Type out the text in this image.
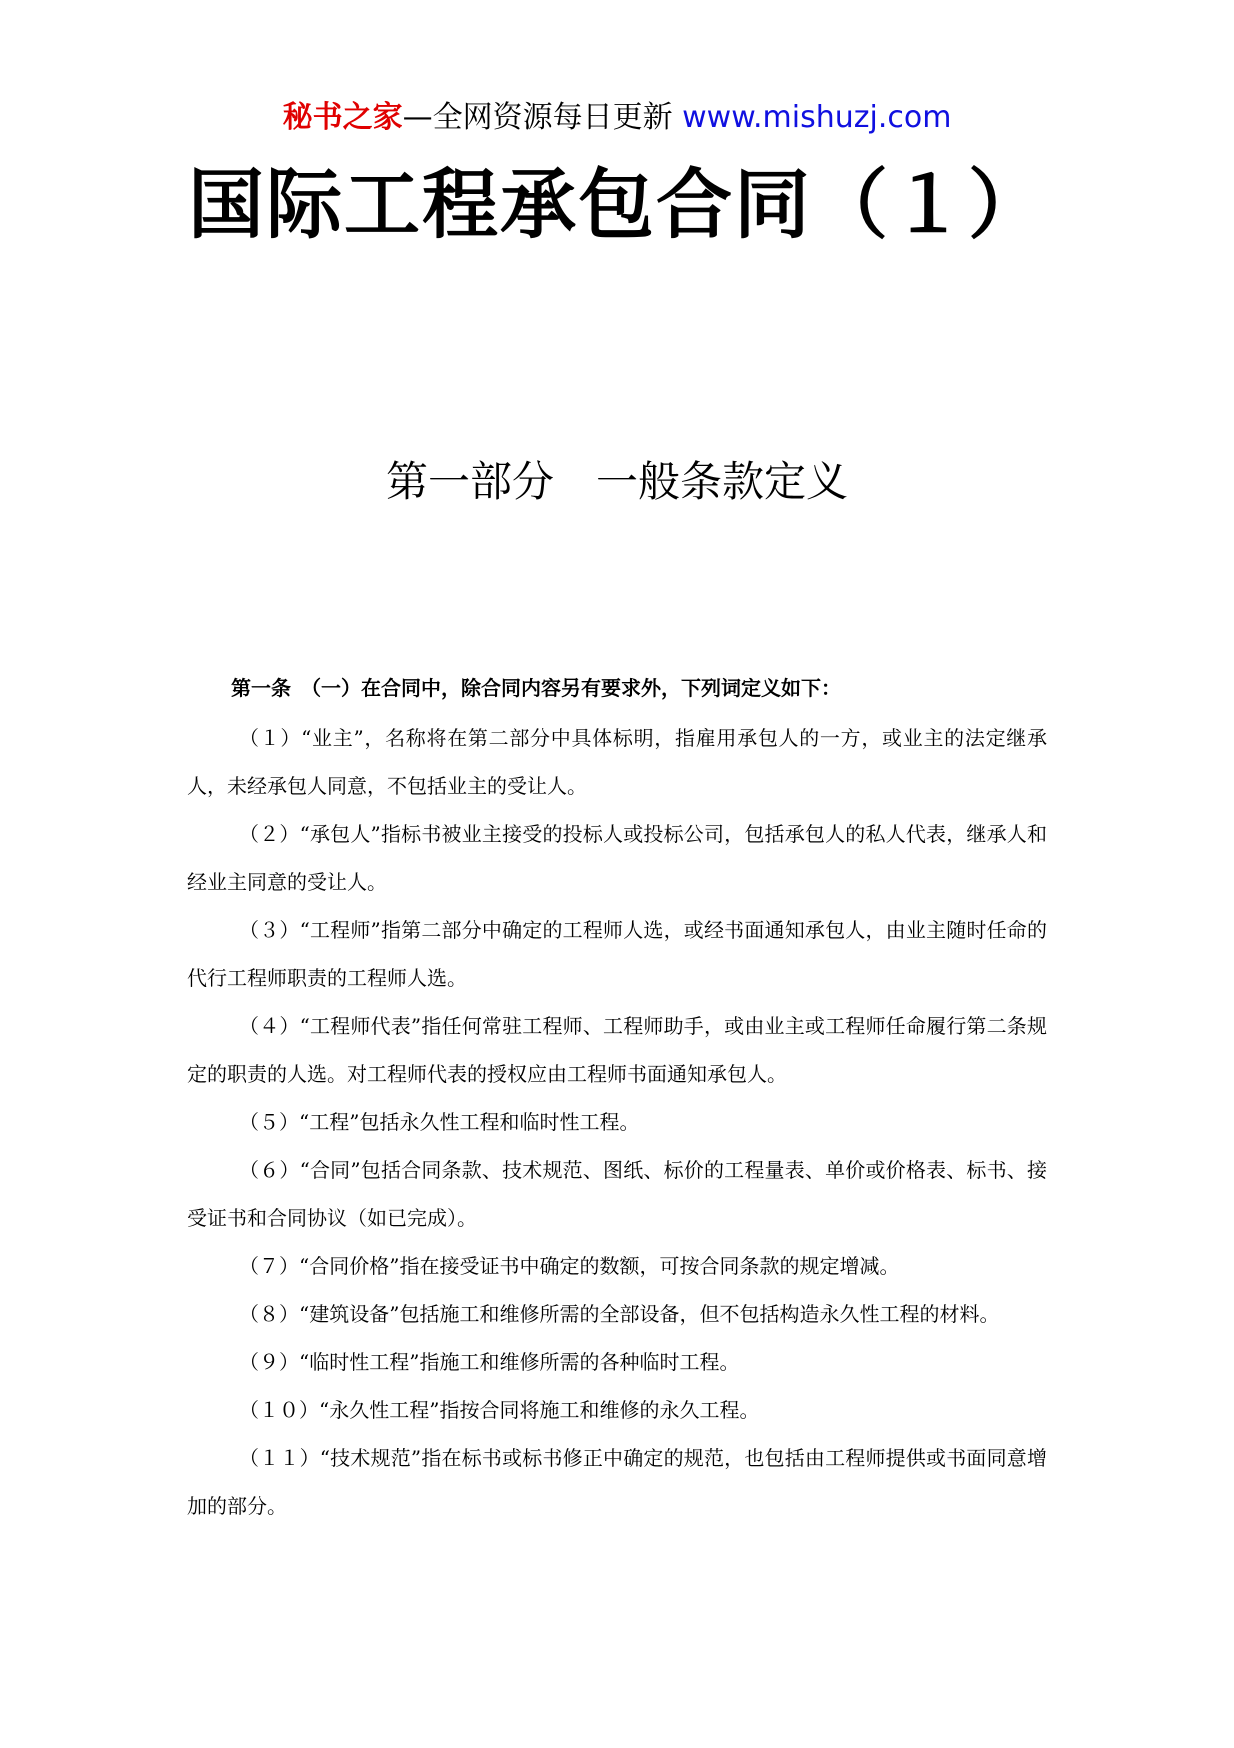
秘书之家—全网资源每日更新 www.mishuzj.com
国际工程承包合同（１）
第一部分　一般条款定义

第一条　（一）在合同中，除合同内容另有要求外，下列词定义如下：

（１）“业主”，名称将在第二部分中具体标明，指雇用承包人的一方，或业主的法定继承人，未经承包人同意，不包括业主的受让人。

（２）“承包人”指标书被业主接受的投标人或投标公司，包括承包人的私人代表，继承人和经业主同意的受让人。

（３）“工程师”指第二部分中确定的工程师人选，或经书面通知承包人，由业主随时任命的代行工程师职责的工程师人选。

（４）“工程师代表”指任何常驻工程师、工程师助手，或由业主或工程师任命履行第二条规定的职责的人选。对工程师代表的授权应由工程师书面通知承包人。

（５）“工程”包括永久性工程和临时性工程。

（６）“合同”包括合同条款、技术规范、图纸、标价的工程量表、单价或价格表、标书、接受证书和合同协议（如已完成）。

（７）“合同价格”指在接受证书中确定的数额，可按合同条款的规定增减。

（８）“建筑设备”包括施工和维修所需的全部设备，但不包括构造永久性工程的材料。

（９）“临时性工程”指施工和维修所需的各种临时工程。

（１０）“永久性工程”指按合同将施工和维修的永久工程。

（１１）“技术规范”指在标书或标书修正中确定的规范，也包括由工程师提供或书面同意增加的部分。
